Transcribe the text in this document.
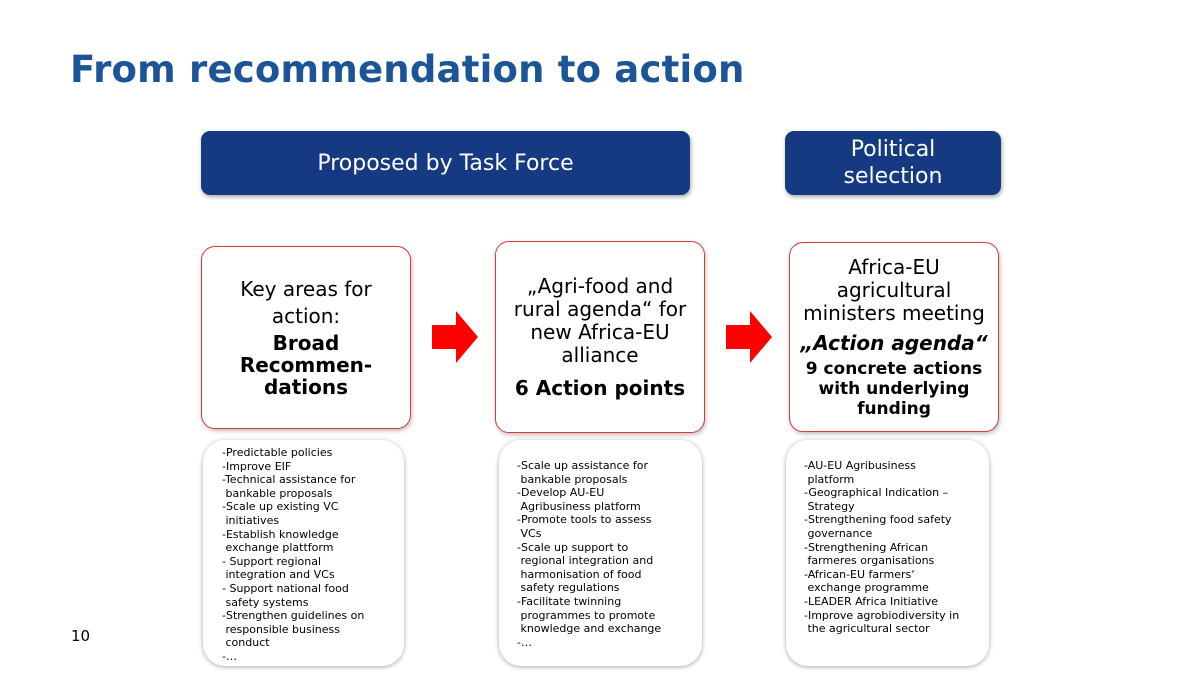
From recommendation to action
Proposed by Task Force
Political
selection
Key areas for
action:
Broad
Recommen-
dations
„Agri-food and
rural agenda“ for
new Africa-EU
alliance
6 Action points
Africa-EU
agricultural
ministers meeting
„Action agenda“
9 concrete actions
with underlying
funding
-Predictable policies
-Improve EIF
-Technical assistance for
bankable proposals
-Scale up existing VC
initiatives
-Establish knowledge
exchange plattform
- Support regional
integration and VCs
- Support national food
safety systems
-Strengthen guidelines on
responsible business
conduct
-…
-Scale up assistance for
bankable proposals
-Develop AU-EU
Agribusiness platform
-Promote tools to assess
VCs
-Scale up support to
regional integration and
harmonisation of food
safety regulations
-Facilitate twinning
programmes to promote
knowledge and exchange
-…
-AU-EU Agribusiness
platform
-Geographical Indication –
Strategy
-Strengthening food safety
governance
-Strengthening African
farmeres organisations
-African-EU farmers‘
exchange programme
-LEADER Africa Initiative
-Improve agrobiodiversity in
the agricultural sector
10
